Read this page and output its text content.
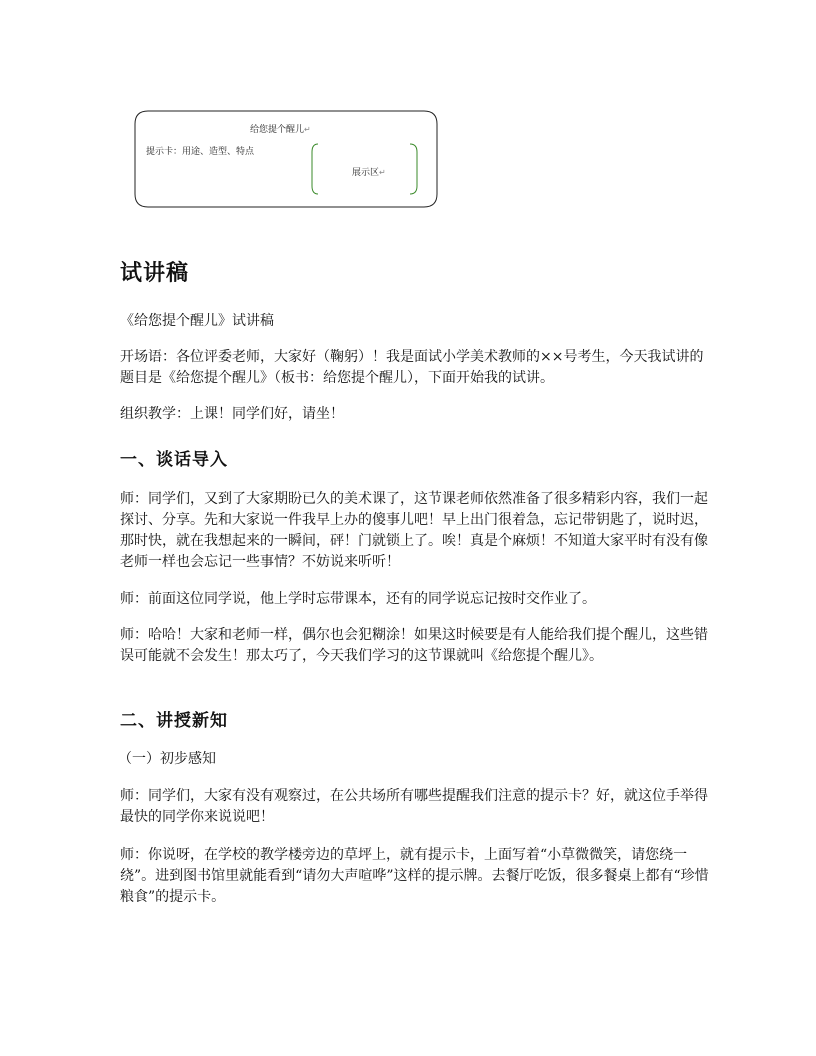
给您提个醒儿↵
提示卡：用途、造型、特点
展示区↵
试讲稿

《给您提个醒儿》试讲稿

开场语：各位评委老师，大家好（鞠躬）！我是面试小学美术教师的××号考生，今天我试讲的题目是《给您提个醒儿》（板书：给您提个醒儿），下面开始我的试讲。

组织教学：上课！同学们好，请坐！

一、谈话导入

师：同学们，又到了大家期盼已久的美术课了，这节课老师依然准备了很多精彩内容，我们一起探讨、分享。先和大家说一件我早上办的傻事儿吧！早上出门很着急，忘记带钥匙了，说时迟，那时快，就在我想起来的一瞬间，砰！门就锁上了。唉！真是个麻烦！不知道大家平时有没有像老师一样也会忘记一些事情？不妨说来听听！

师：前面这位同学说，他上学时忘带课本，还有的同学说忘记按时交作业了。

师：哈哈！大家和老师一样，偶尔也会犯糊涂！如果这时候要是有人能给我们提个醒儿，这些错误可能就不会发生！那太巧了，今天我们学习的这节课就叫《给您提个醒儿》。

二、讲授新知

（一）初步感知

师：同学们，大家有没有观察过，在公共场所有哪些提醒我们注意的提示卡？好，就这位手举得最快的同学你来说说吧！

师：你说呀，在学校的教学楼旁边的草坪上，就有提示卡，上面写着“小草微微笑，请您绕一绕”。进到图书馆里就能看到“请勿大声喧哗”这样的提示牌。去餐厅吃饭，很多餐桌上都有“珍惜粮食”的提示卡。
